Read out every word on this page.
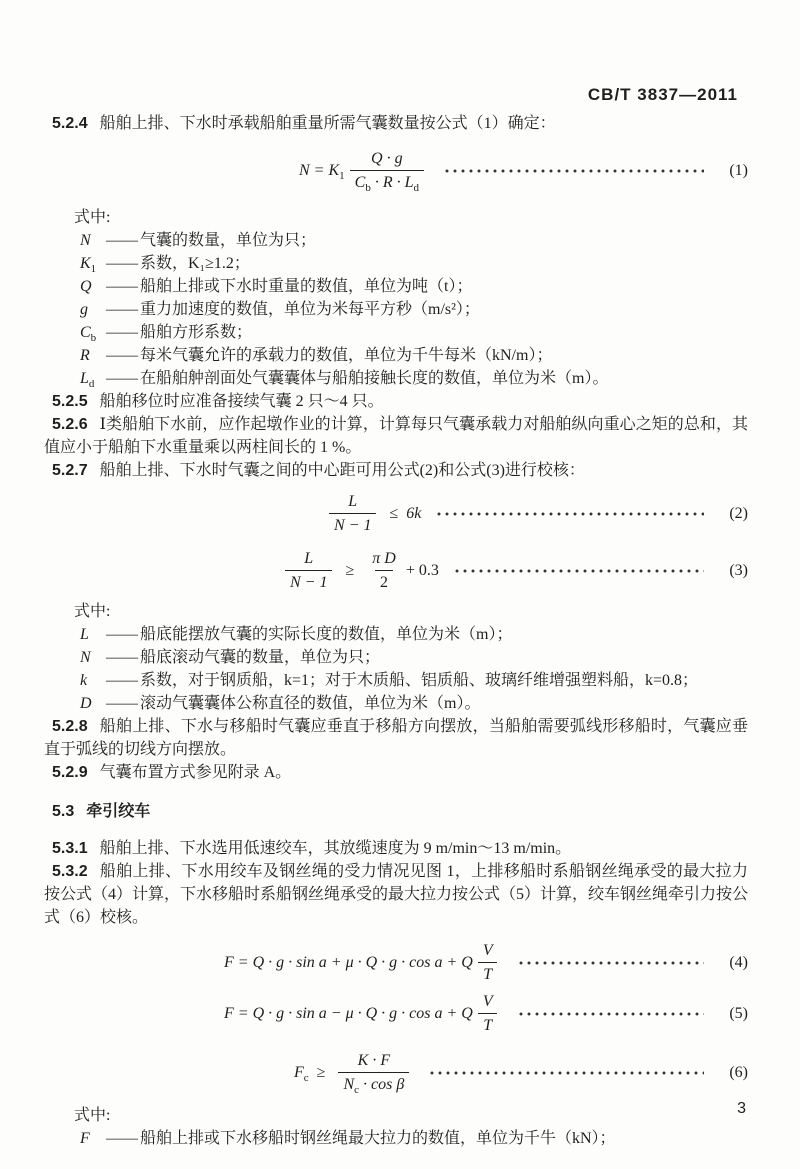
CB/T 3837—2011

5.2.4 船舶上排、下水时承载船舶重量所需气囊数量按公式（1）确定：

$N = K_1 \frac{Q \cdot g}{C_b \cdot R \cdot L_d}$	(1)

式中:

N —— 气囊的数量，单位为只；
$K_1$ —— 系数，K₁≥1.2；
Q —— 船舶上排或下水时重量的数值，单位为吨（t）；
g —— 重力加速度的数值，单位为米每平方秒（m/s²）；
$C_b$ —— 船舶方形系数；
R —— 每米气囊允许的承载力的数值，单位为千牛每米（kN/m）；
$L_d$ —— 在船舶舯剖面处气囊囊体与船舶接触长度的数值，单位为米（m）。

5.2.5 船舶移位时应准备接续气囊 2 只～4 只。

5.2.6 Ⅰ类船舶下水前，应作起墩作业的计算，计算每只气囊承载力对船舶纵向重心之矩的总和，其值应小于船舶下水重量乘以两柱间长的 1 %。

5.2.7 船舶上排、下水时气囊之间的中心距可用公式(2)和公式(3)进行校核：

$\frac{L}{N - 1} \le 6k$	(2)
$\frac{L}{N - 1} \ge \frac{\text{π D}}{2} + 0.3$	(3)

式中:

L —— 船底能摆放气囊的实际长度的数值，单位为米（m）；
N —— 船底滚动气囊的数量，单位为只；
k —— 系数，对于钢质船，k=1；对于木质船、铝质船、玻璃纤维增强塑料船，k=0.8；
D —— 滚动气囊囊体公称直径的数值，单位为米（m）。

5.2.8 船舶上排、下水与移船时气囊应垂直于移船方向摆放，当船舶需要弧线形移船时，气囊应垂直于弧线的切线方向摆放。

5.2.9 气囊布置方式参见附录 A。

5.3 牵引绞车

5.3.1 船舶上排、下水选用低速绞车，其放缆速度为 9 m/min～13 m/min。

5.3.2 船舶上排、下水用绞车及钢丝绳的受力情况见图 1，上排移船时系船钢丝绳承受的最大拉力按公式（4）计算，下水移船时系船钢丝绳承受的最大拉力按公式（5）计算，绞车钢丝绳牵引力按公式（6）校核。

F = Q · g · sin a + μ · Q · g · cos a + Q $\frac{V}{T}$	(4)
F = Q · g · sin a − μ · Q · g · cos a + Q $\frac{V}{T}$	(5)
$F_c \ge \frac{K \cdot F}{N_c \cdot \cos \beta}$	(6)

式中:

F —— 船舶上排或下水移船时钢丝绳最大拉力的数值，单位为千牛（kN）；
3
